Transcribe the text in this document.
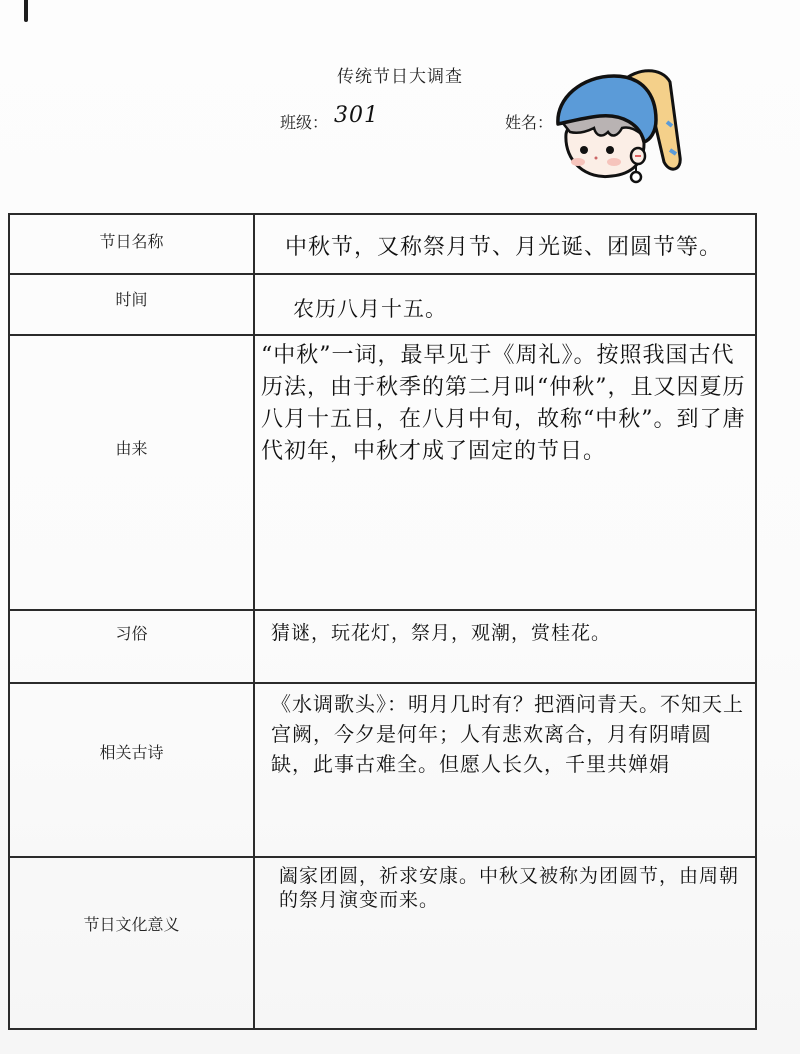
传统节日大调查
班级： 301	姓名：
节日名称	中秋节，又称祭月节、月光诞、团圆节等。

时间	农历八月十五。

由来	“中秋”一词，最早见于《周礼》。按照我国古代历法，由于秋季的第二月叫“仲秋”，且又因夏历八月十五日，在八月中旬，故称“中秋”。到了唐代初年，中秋才成了固定的节日。

习俗	猜谜，玩花灯，祭月，观潮，赏桂花。

相关古诗	《水调歌头》：明月几时有？把酒问青天。不知天上宫阙，今夕是何年；人有悲欢离合，月有阴晴圆缺，此事古难全。但愿人长久，千里共婵娟

节日文化意义	阖家团圆，祈求安康。中秋又被称为团圆节，由周朝的祭月演变而来。
